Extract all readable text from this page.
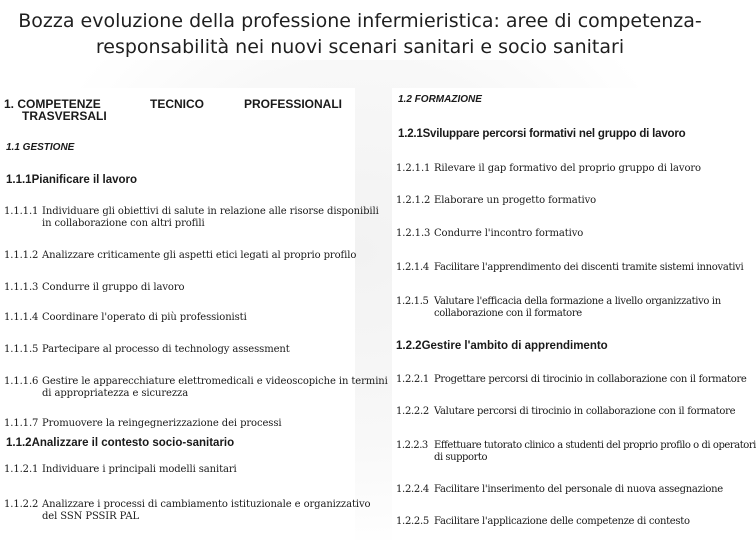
Bozza evoluzione della professione infermieristica: aree di competenza-
responsabilità nei nuovi scenari sanitari e socio sanitari
1. COMPETENZE	TECNICO	PROFESSIONALI
TRASVERSALI
1.1 GESTIONE
1.1.1Pianificare il lavoro
1.1.1.1 Individuare gli obiettivi di salute in relazione alle risorse disponibili
in collaborazione con altri profili
1.1.1.2 Analizzare criticamente gli aspetti etici legati al proprio profilo
1.1.1.3 Condurre il gruppo di lavoro
1.1.1.4 Coordinare l'operato di più professionisti
1.1.1.5 Partecipare al processo di technology assessment
1.1.1.6 Gestire le apparecchiature elettromedicali e videoscopiche in termini
di appropriatezza e sicurezza
1.1.1.7 Promuovere la reingegnerizzazione dei processi
1.1.2Analizzare il contesto socio-sanitario
1.1.2.1 Individuare i principali modelli sanitari
1.1.2.2 Analizzare i processi di cambiamento istituzionale e organizzativo
del SSN PSSIR PAL
1.2 FORMAZIONE
1.2.1Sviluppare percorsi formativi nel gruppo di lavoro
1.2.1.1 Rilevare il gap formativo del proprio gruppo di lavoro
1.2.1.2 Elaborare un progetto formativo
1.2.1.3 Condurre l'incontro formativo
1.2.1.4 Facilitare l'apprendimento dei discenti tramite sistemi innovativi
1.2.1.5 Valutare l'efficacia della formazione a livello organizzativo in
collaborazione con il formatore
1.2.2Gestire l'ambito di apprendimento
1.2.2.1 Progettare percorsi di tirocinio in collaborazione con il formatore
1.2.2.2 Valutare percorsi di tirocinio in collaborazione con il formatore
1.2.2.3 Effettuare tutorato clinico a studenti del proprio profilo o di operatori
di supporto
1.2.2.4 Facilitare l'inserimento del personale di nuova assegnazione
1.2.2.5 Facilitare l'applicazione delle competenze di contesto
